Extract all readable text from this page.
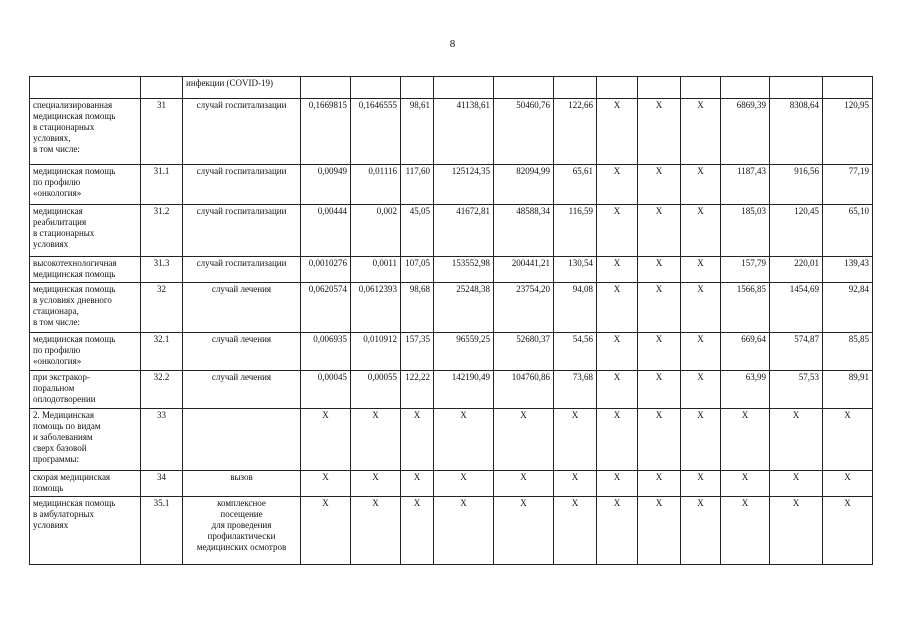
8
		инфекции (COVID-19)												
специализированная
медицинская помощь
в стационарных
условиях,
в том числе:	31	случай госпитализации	0,1669815	0,1646555	98,61	41138,61	50460,76	122,66	X	X	X	6869,39	8308,64	120,95
медицинская помощь
по профилю
«онкология»	31.1	случай госпитализации	0,00949	0,01116	117,60	125124,35	82094,99	65,61	X	X	X	1187,43	916,56	77,19
медицинская
реабилитация
в стационарных
условиях	31.2	случай госпитализации	0,00444	0,002	45,05	41672,81	48588,34	116,59	X	X	X	185,03	120,45	65,10
высокотехнологичная
медицинская помощь	31.3	случай госпитализации	0,0010276	0,0011	107,05	153552,98	200441,21	130,54	X	X	X	157,79	220,01	139,43
медицинская помощь
в условиях дневного
стационара,
в том числе:	32	случай лечения	0,0620574	0,0612393	98,68	25248,38	23754,20	94,08	X	X	X	1566,85	1454,69	92,84
медицинская помощь
по профилю
«онкология»	32.1	случай лечения	0,006935	0,010912	157,35	96559,25	52680,37	54,56	X	X	X	669,64	574,87	85,85
при экстракор-
поральном
оплодотворении	32.2	случай лечения	0,00045	0,00055	122,22	142190,49	104760,86	73,68	X	X	X	63,99	57,53	89,91
2. Медицинская
помощь по видам
и заболеваниям
сверх базовой
программы:	33		X	X	X	X	X	X	X	X	X	X	X	X
скорая медицинская
помощь	34	вызов	X	X	X	X	X	X	X	X	X	X	X	X
медицинская помощь
в амбулаторных
условиях	35.1	комплексное
посещение
для проведения
профилактически
медицинских осмотров	X	X	X	X	X	X	X	X	X	X	X	X
